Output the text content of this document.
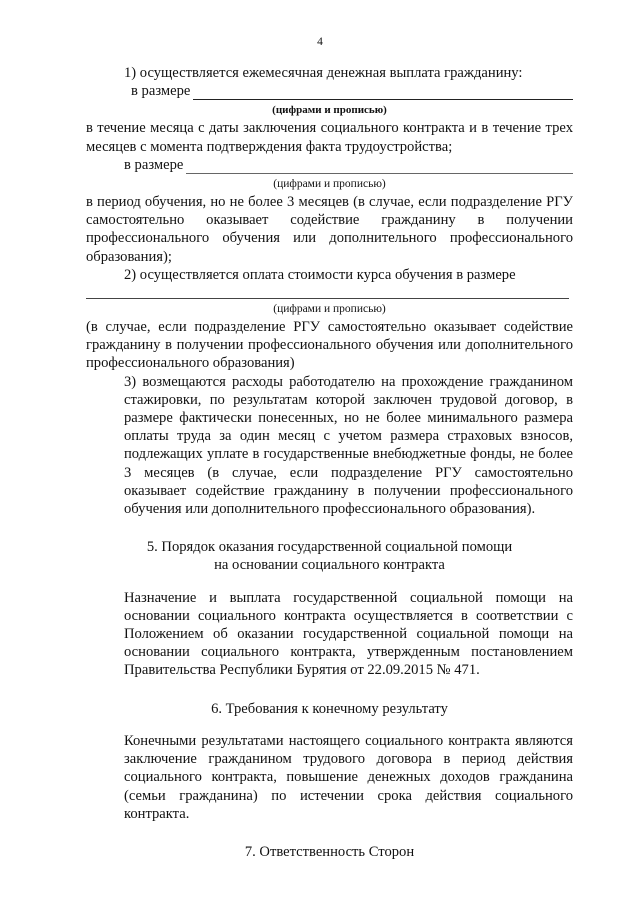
4

1) осуществляется ежемесячная денежная выплата гражданину:

в размере
(цифрами и прописью)

в течение месяца с даты заключения социального контракта и в течение трех месяцев с момента подтверждения факта трудоустройства;

в размере
(цифрами и прописью)

в период обучения, но не более 3 месяцев (в случае, если подразделение РГУ самостоятельно оказывает содействие гражданину в получении профессионального обучения или дополнительного профессионального образования);

2) осуществляется оплата стоимости курса обучения в размере

(цифрами и прописью)

(в случае, если подразделение РГУ самостоятельно оказывает содействие гражданину в получении профессионального обучения или дополнительного профессионального образования)

3) возмещаются расходы работодателю на прохождение гражданином стажировки, по результатам которой заключен трудовой договор, в размере фактически понесенных, но не более минимального размера оплаты труда за один месяц с учетом размера страховых взносов, подлежащих уплате в государственные внебюджетные фонды, не более 3 месяцев (в случае, если подразделение РГУ самостоятельно оказывает содействие гражданину в получении профессионального обучения или дополнительного профессионального образования).

5. Порядок оказания государственной социальной помощи

на основании социального контракта

Назначение и выплата государственной социальной помощи на основании социального контракта осуществляется в соответствии с Положением об оказании государственной социальной помощи на основании социального контракта, утвержденным постановлением Правительства Республики Бурятия от 22.09.2015 № 471.

6. Требования к конечному результату

Конечными результатами настоящего социального контракта являются заключение гражданином трудового договора в период действия социального контракта, повышение денежных доходов гражданина (семьи гражданина) по истечении срока действия социального контракта.

7. Ответственность Сторон
